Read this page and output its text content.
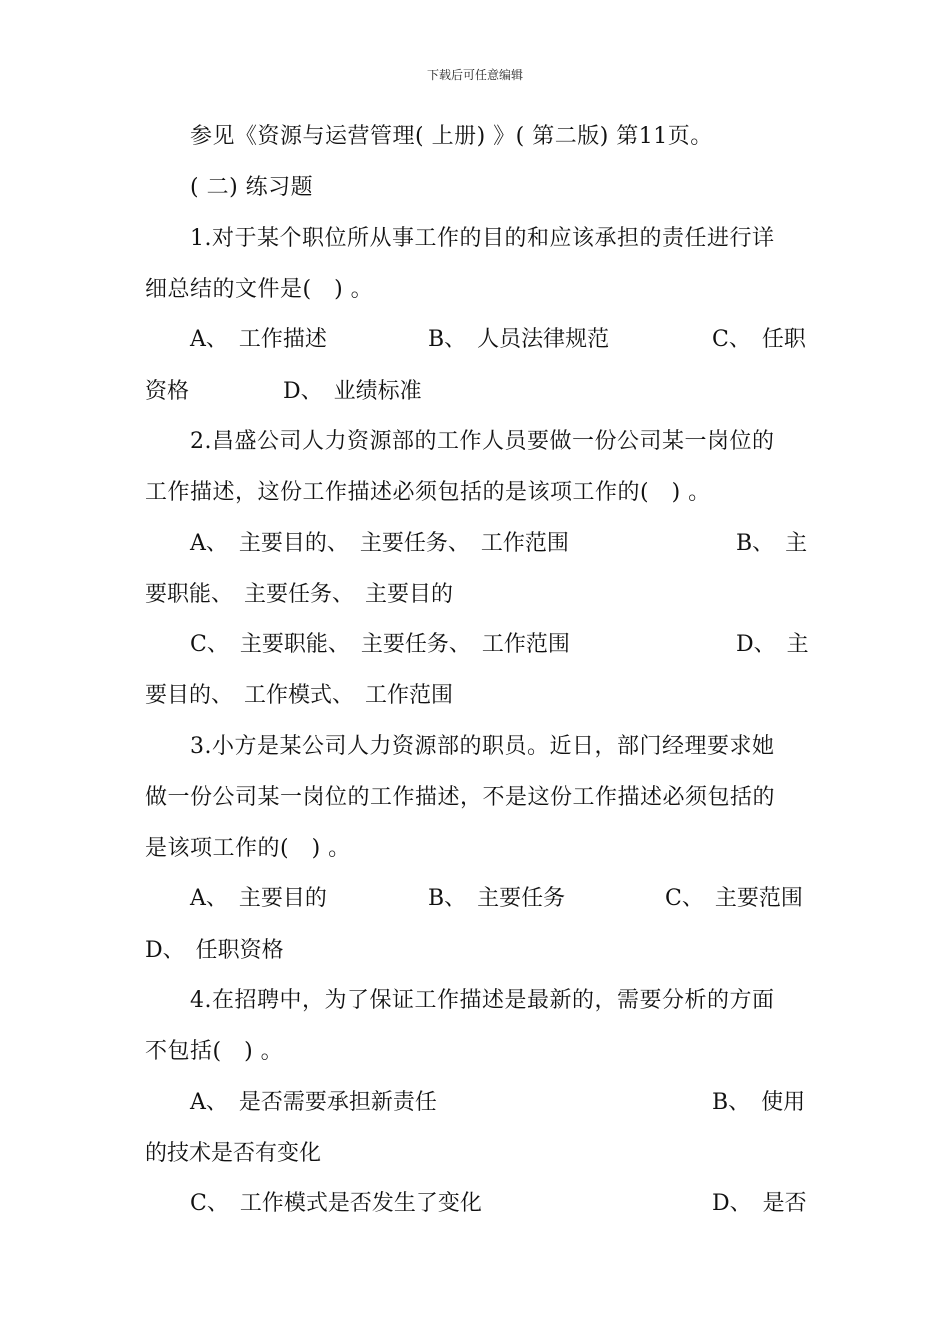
下载后可任意编辑
参见《资源与运营管理( 上册) 》( 第二版) 第11页。
( 二) 练习题
1.对于某个职位所从事工作的目的和应该承担的责任进行详
细总结的文件是(　) 。
A、　工作描述	B、　人员法律规范	C、　任职
资格	D、　业绩标准
2.昌盛公司人力资源部的工作人员要做一份公司某一岗位的
工作描述，这份工作描述必须包括的是该项工作的(　) 。
A、　主要目的、　主要任务、　工作范围	B、　主
要职能、　主要任务、　主要目的
C、　主要职能、　主要任务、　工作范围	D、　主
要目的、　工作模式、　工作范围
3.小方是某公司人力资源部的职员。近日，部门经理要求她
做一份公司某一岗位的工作描述，不是这份工作描述必须包括的
是该项工作的(　) 。
A、　主要目的	B、　主要任务	C、　主要范围
D、　任职资格
4.在招聘中，为了保证工作描述是最新的，需要分析的方面
不包括(　) 。
A、　是否需要承担新责任	B、　使用
的技术是否有变化
C、　工作模式是否发生了变化	D、　是否
